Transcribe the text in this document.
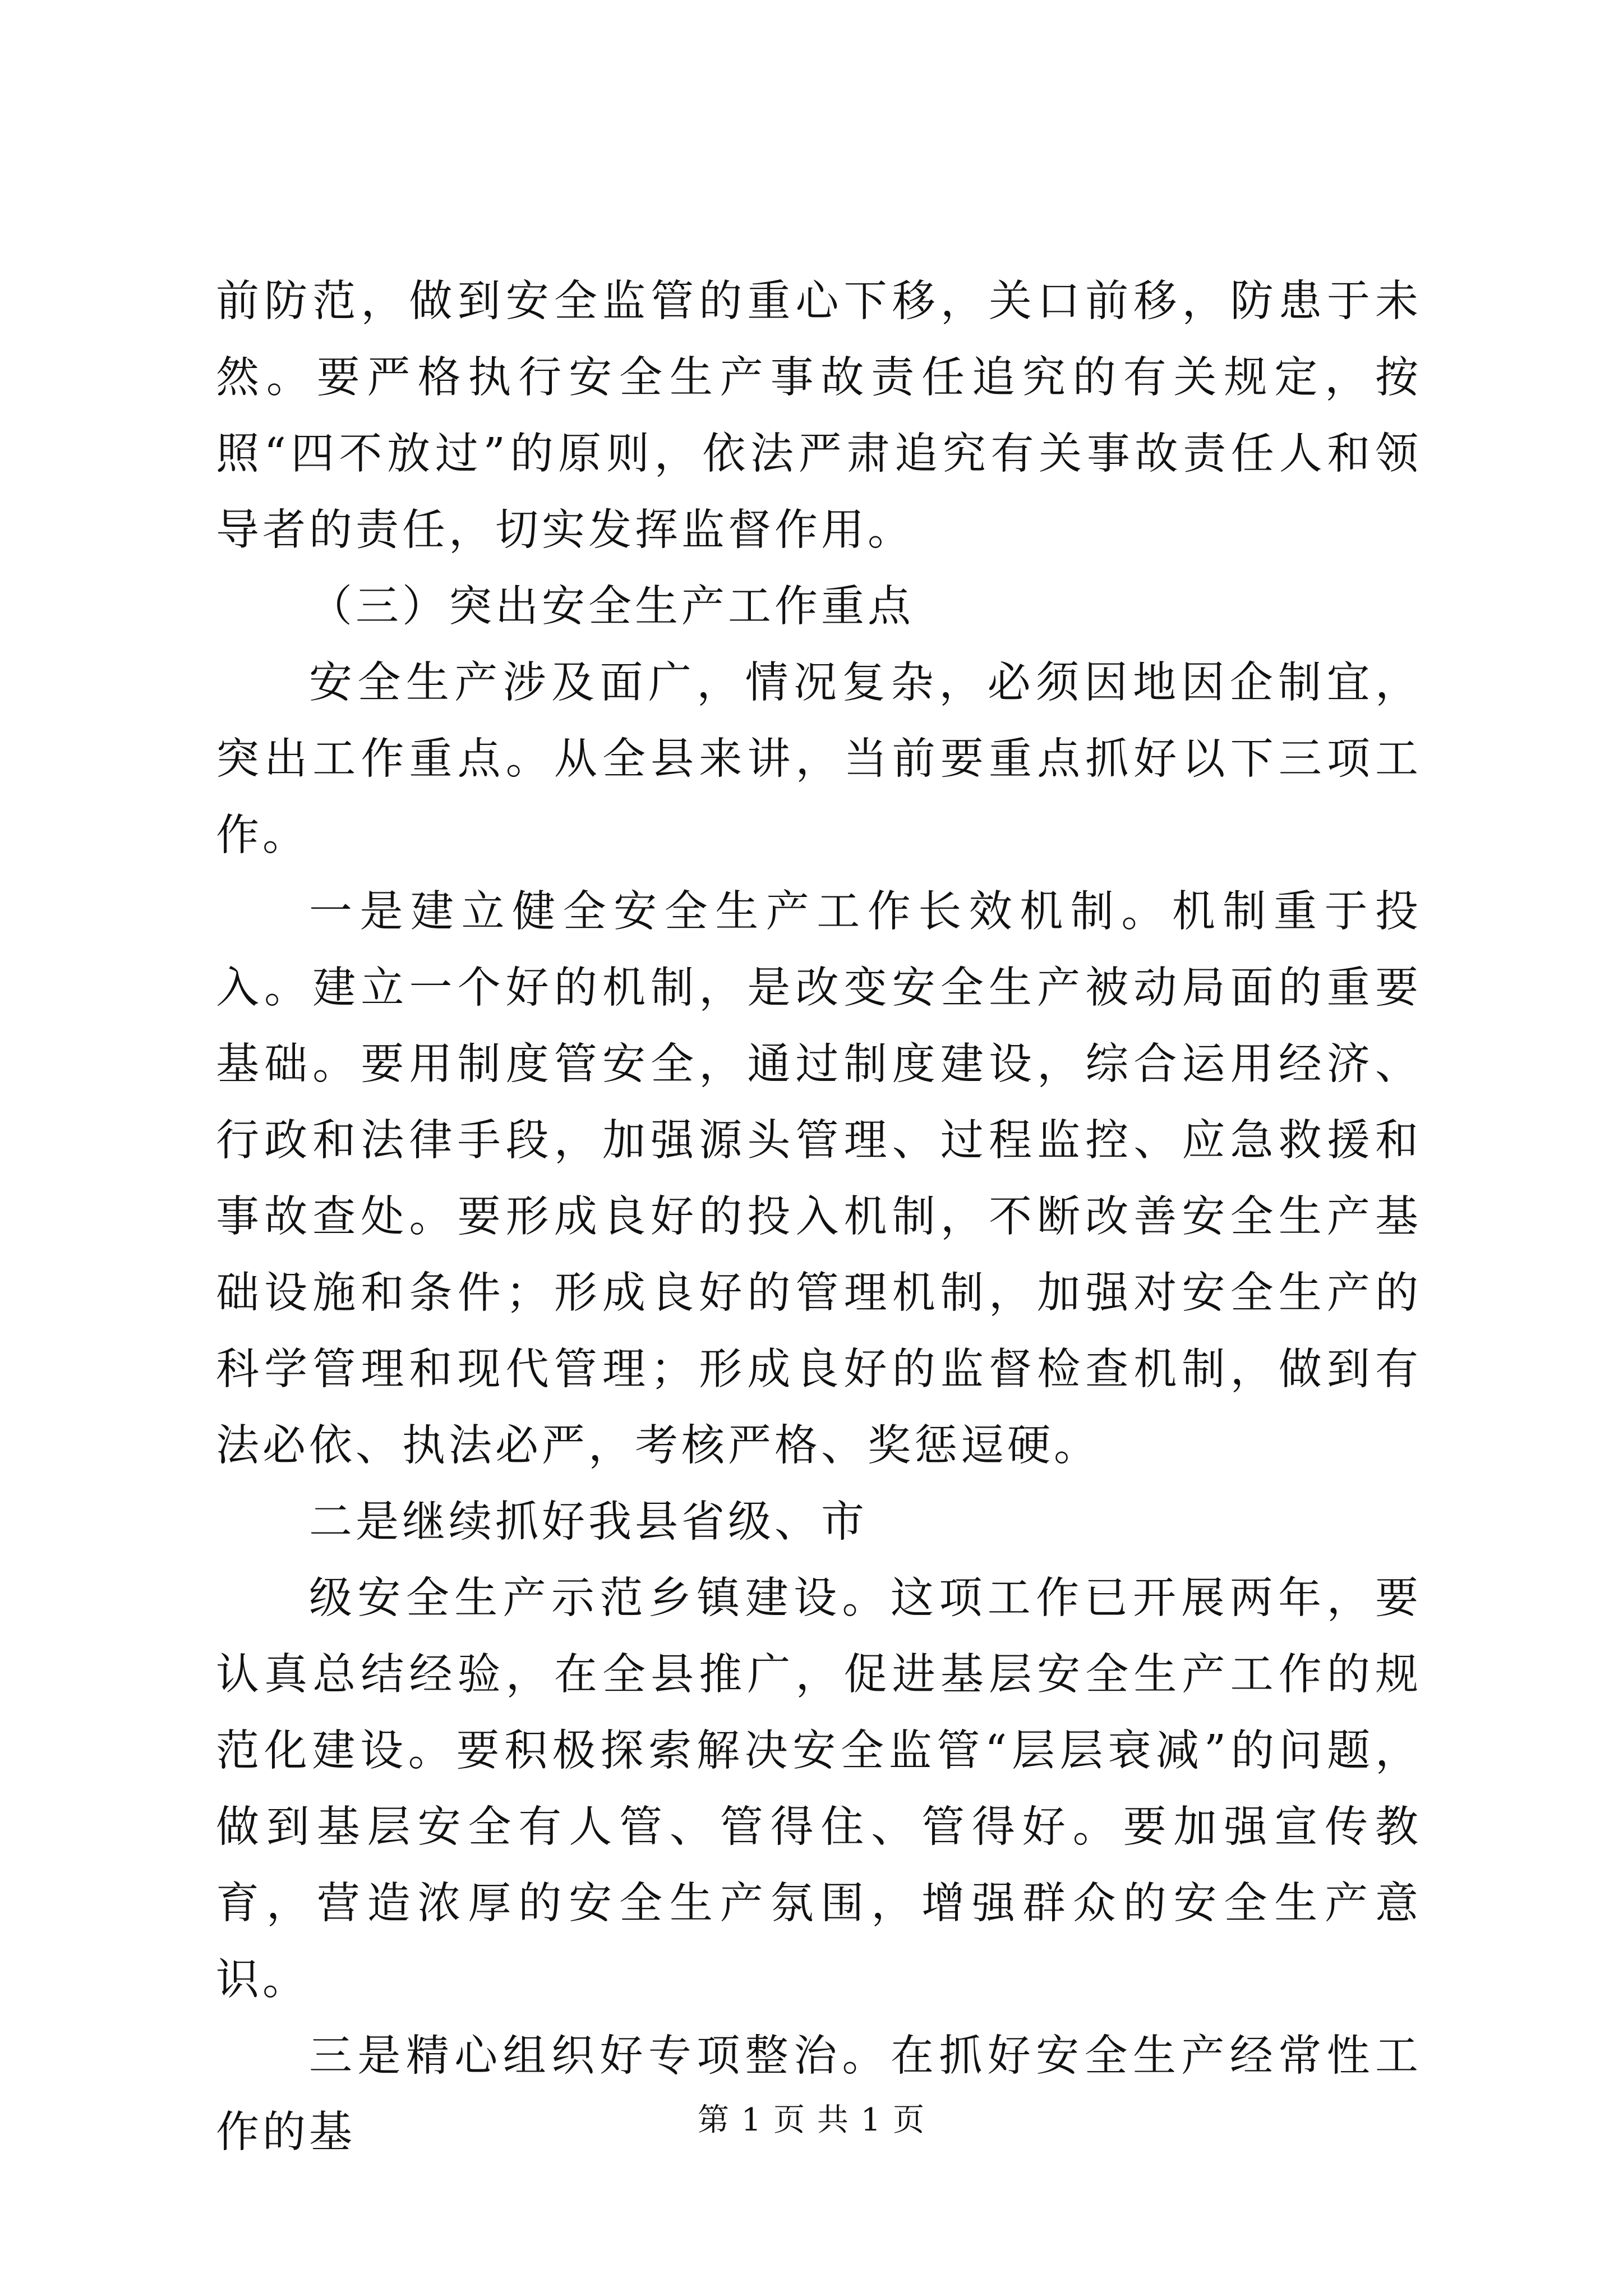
前防范，做到安全监管的重心下移，关口前移，防患于未然。要严格执行安全生产事故责任追究的有关规定，按照“四不放过”的原则，依法严肃追究有关事故责任人和领导者的责任，切实发挥监督作用。

（三）突出安全生产工作重点

安全生产涉及面广，情况复杂，必须因地因企制宜，突出工作重点。从全县来讲，当前要重点抓好以下三项工作。

一是建立健全安全生产工作长效机制。机制重于投入。建立一个好的机制，是改变安全生产被动局面的重要基础。要用制度管安全，通过制度建设，综合运用经济、行政和法律手段，加强源头管理、过程监控、应急救援和事故查处。要形成良好的投入机制，不断改善安全生产基础设施和条件；形成良好的管理机制，加强对安全生产的科学管理和现代管理；形成良好的监督检查机制，做到有法必依、执法必严，考核严格、奖惩逗硬。

二是继续抓好我县省级、市

级安全生产示范乡镇建设。这项工作已开展两年，要认真总结经验，在全县推广，促进基层安全生产工作的规范化建设。要积极探索解决安全监管“层层衰减”的问题，做到基层安全有人管、管得住、管得好。要加强宣传教育，营造浓厚的安全生产氛围，增强群众的安全生产意识。

三是精心组织好专项整治。在抓好安全生产经常性工作的基	第 1 页 共 1 页
